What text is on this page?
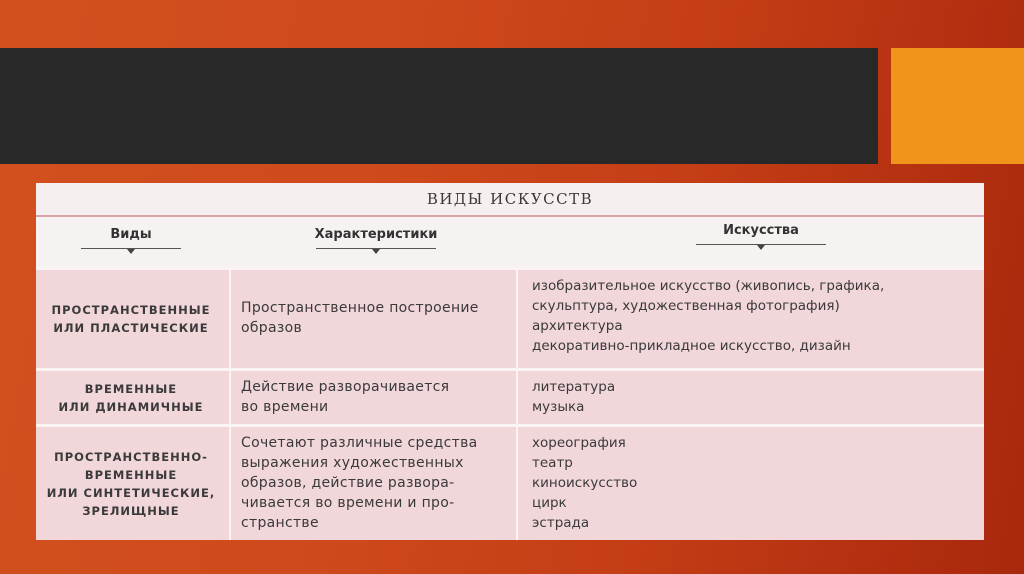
ВИДЫ ИСКУССТВ
Виды	Характеристики	Искусства
ПРОСТРАНСТВЕННЫЕ
ИЛИ ПЛАСТИЧЕСКИЕ
Пространственное построение
образов
изобразительное искусство (живопись, графика,
скульптура, художественная фотография)
архитектура
декоративно-прикладное искусство, дизайн
ВРЕМЕННЫЕ
ИЛИ ДИНАМИЧНЫЕ
Действие разворачивается
во времени
литература
музыка
ПРОСТРАНСТВЕННО-
ВРЕМЕННЫЕ
ИЛИ СИНТЕТИЧЕСКИЕ,
ЗРЕЛИЩНЫЕ
Сочетают различные средства
выражения художественных
образов, действие развора-
чивается во времени и про-
странстве
хореография
театр
киноискусство
цирк
эстрада
